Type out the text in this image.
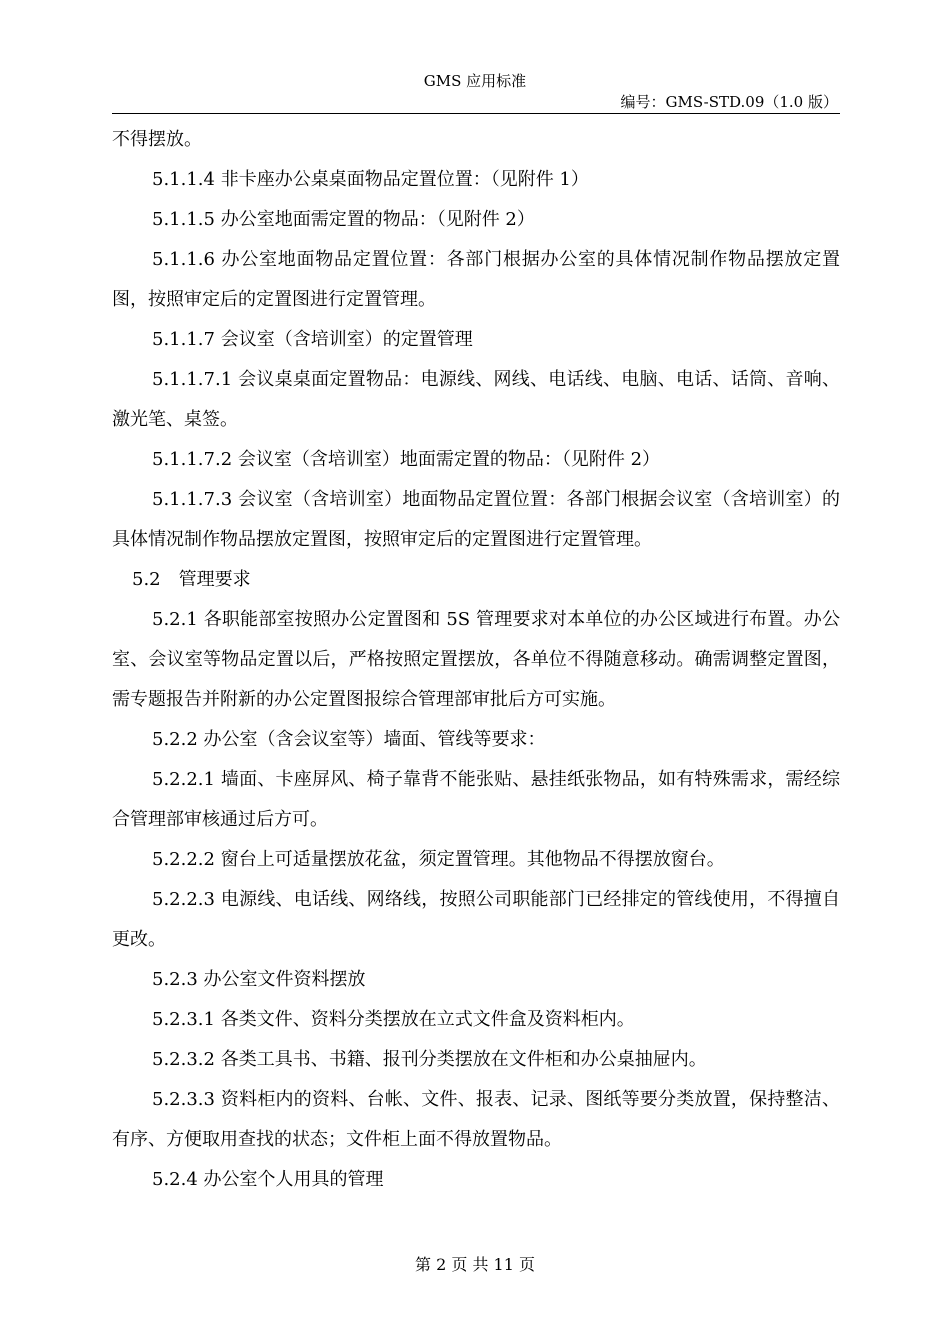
GMS 应用标准
编号：GMS-STD.09（1.0 版）

不得摆放。

5.1.1.4 非卡座办公桌桌面物品定置位置：（见附件 1）

5.1.1.5 办公室地面需定置的物品：（见附件 2）

5.1.1.6 办公室地面物品定置位置：各部门根据办公室的具体情况制作物品摆放定置图，按照审定后的定置图进行定置管理。

5.1.1.7 会议室（含培训室）的定置管理

5.1.1.7.1 会议桌桌面定置物品：电源线、网线、电话线、电脑、电话、话筒、音响、激光笔、桌签。

5.1.1.7.2 会议室（含培训室）地面需定置的物品：（见附件 2）

5.1.1.7.3 会议室（含培训室）地面物品定置位置：各部门根据会议室（含培训室）的具体情况制作物品摆放定置图，按照审定后的定置图进行定置管理。

5.2　管理要求

5.2.1 各职能部室按照办公定置图和 5S 管理要求对本单位的办公区域进行布置。办公室、会议室等物品定置以后，严格按照定置摆放，各单位不得随意移动。确需调整定置图，需专题报告并附新的办公定置图报综合管理部审批后方可实施。

5.2.2 办公室（含会议室等）墙面、管线等要求：

5.2.2.1 墙面、卡座屏风、椅子靠背不能张贴、悬挂纸张物品，如有特殊需求，需经综合管理部审核通过后方可。

5.2.2.2 窗台上可适量摆放花盆，须定置管理。其他物品不得摆放窗台。

5.2.2.3 电源线、电话线、网络线，按照公司职能部门已经排定的管线使用，不得擅自更改。

5.2.3 办公室文件资料摆放

5.2.3.1 各类文件、资料分类摆放在立式文件盒及资料柜内。

5.2.3.2 各类工具书、书籍、报刊分类摆放在文件柜和办公桌抽屉内。

5.2.3.3 资料柜内的资料、台帐、文件、报表、记录、图纸等要分类放置，保持整洁、有序、方便取用查找的状态；文件柜上面不得放置物品。

5.2.4 办公室个人用具的管理

第 2 页 共 11 页
